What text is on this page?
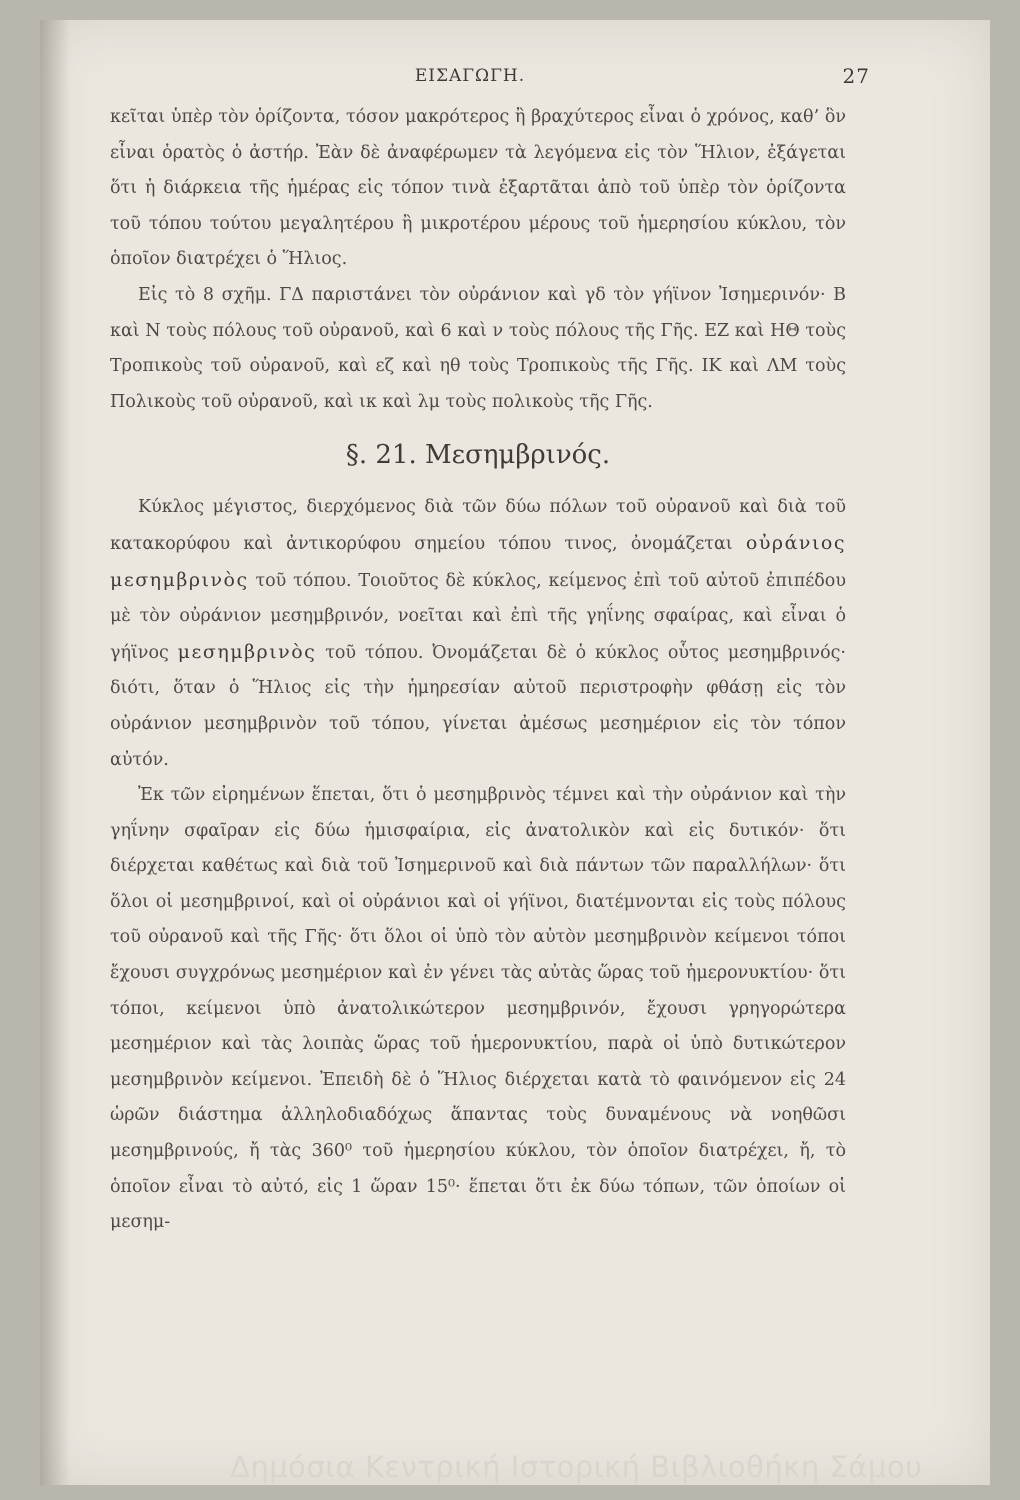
ΕΙΣΑΓΩΓΗ.	27

κεῖται ὑπὲρ τὸν ὁρίζοντα, τόσον μακρότερος ἢ βραχύτερος εἶναι ὁ χρόνος, καθ’ ὃν εἶναι ὁρατὸς ὁ ἀστήρ. Ἐὰν δὲ ἀναφέρωμεν τὰ λεγόμενα εἰς τὸν Ἥλιον, ἐξάγεται ὅτι ἡ διάρκεια τῆς ἡμέρας εἰς τόπον τινὰ ἐξαρτᾶται ἀπὸ τοῦ ὑπὲρ τὸν ὁρίζοντα τοῦ τόπου τούτου μεγαλητέρου ἢ μικροτέρου μέρους τοῦ ἡμερησίου κύκλου, τὸν ὁποῖον διατρέχει ὁ Ἥλιος.

Εἰς τὸ 8 σχῆμ. ΓΔ παριστάνει τὸν οὐράνιον καὶ γδ τὸν γήϊνον Ἰσημερινόν· Β καὶ Ν τοὺς πόλους τοῦ οὐρανοῦ, καὶ 6 καὶ ν τοὺς πόλους τῆς Γῆς. ΕΖ καὶ ΗΘ τοὺς Τροπικοὺς τοῦ οὐρανοῦ, καὶ εζ καὶ ηθ τοὺς Τροπικοὺς τῆς Γῆς. ΙΚ καὶ ΛΜ τοὺς Πολικοὺς τοῦ οὐρανοῦ, καὶ ικ καὶ λμ τοὺς πολικοὺς τῆς Γῆς.

§. 21. Μεσημβρινός.

Κύκλος μέγιστος, διερχόμενος διὰ τῶν δύω πόλων τοῦ οὐρανοῦ καὶ διὰ τοῦ κατακορύφου καὶ ἀντικορύφου σημείου τόπου τινος, ὀνομάζεται οὐράνιος μεσημβρινὸς τοῦ τόπου. Τοιοῦτος δὲ κύκλος, κείμενος ἐπὶ τοῦ αὐτοῦ ἐπιπέδου μὲ τὸν οὐράνιον μεσημβρινόν, νοεῖται καὶ ἐπὶ τῆς γηΐνης σφαίρας, καὶ εἶναι ὁ γήϊνος μεσημβρινὸς τοῦ τόπου. Ὀνομάζεται δὲ ὁ κύκλος οὗτος μεσημβρινός· διότι, ὅταν ὁ Ἥλιος εἰς τὴν ἡμηρεσίαν αὐτοῦ περιστροφὴν φθάσῃ εἰς τὸν οὐράνιον μεσημβρινὸν τοῦ τόπου, γίνεται ἀμέσως μεσημέριον εἰς τὸν τόπον αὐτόν.

Ἐκ τῶν εἰρημένων ἕπεται, ὅτι ὁ μεσημβρινὸς τέμνει καὶ τὴν οὐράνιον καὶ τὴν γηΐνην σφαῖραν εἰς δύω ἡμισφαίρια, εἰς ἀνατολικὸν καὶ εἰς δυτικόν· ὅτι διέρχεται καθέτως καὶ διὰ τοῦ Ἰσημερινοῦ καὶ διὰ πάντων τῶν παραλλήλων· ὅτι ὅλοι οἱ μεσημβρινοί, καὶ οἱ οὐράνιοι καὶ οἱ γήϊνοι, διατέμνονται εἰς τοὺς πόλους τοῦ οὐρανοῦ καὶ τῆς Γῆς· ὅτι ὅλοι οἱ ὑπὸ τὸν αὐτὸν μεσημβρινὸν κείμενοι τόποι ἔχουσι συγχρόνως μεσημέριον καὶ ἐν γένει τὰς αὐτὰς ὥρας τοῦ ἡμερονυκτίου· ὅτι τόποι, κείμενοι ὑπὸ ἀνατολικώτερον μεσημβρινόν, ἔχουσι γρηγορώτερα μεσημέριον καὶ τὰς λοιπὰς ὥρας τοῦ ἡμερονυκτίου, παρὰ οἱ ὑπὸ δυτικώτερον μεσημβρινὸν κείμενοι. Ἐπειδὴ δὲ ὁ Ἥλιος διέρχεται κατὰ τὸ φαινόμενον εἰς 24 ὡρῶν διάστημα ἀλληλοδιαδόχως ἅπαντας τοὺς δυναμένους νὰ νοηθῶσι μεσημβρινούς, ἤ τὰς 360⁰ τοῦ ἡμερησίου κύκλου, τὸν ὁποῖον διατρέχει, ἤ, τὸ ὁποῖον εἶναι τὸ αὐτό, εἰς 1 ὥραν 15⁰· ἕπεται ὅτι ἐκ δύω τόπων, τῶν ὁποίων οἱ μεσημ-

Δημόσια Κεντρική Ιστορική Βιβλιοθήκη Σάμου
